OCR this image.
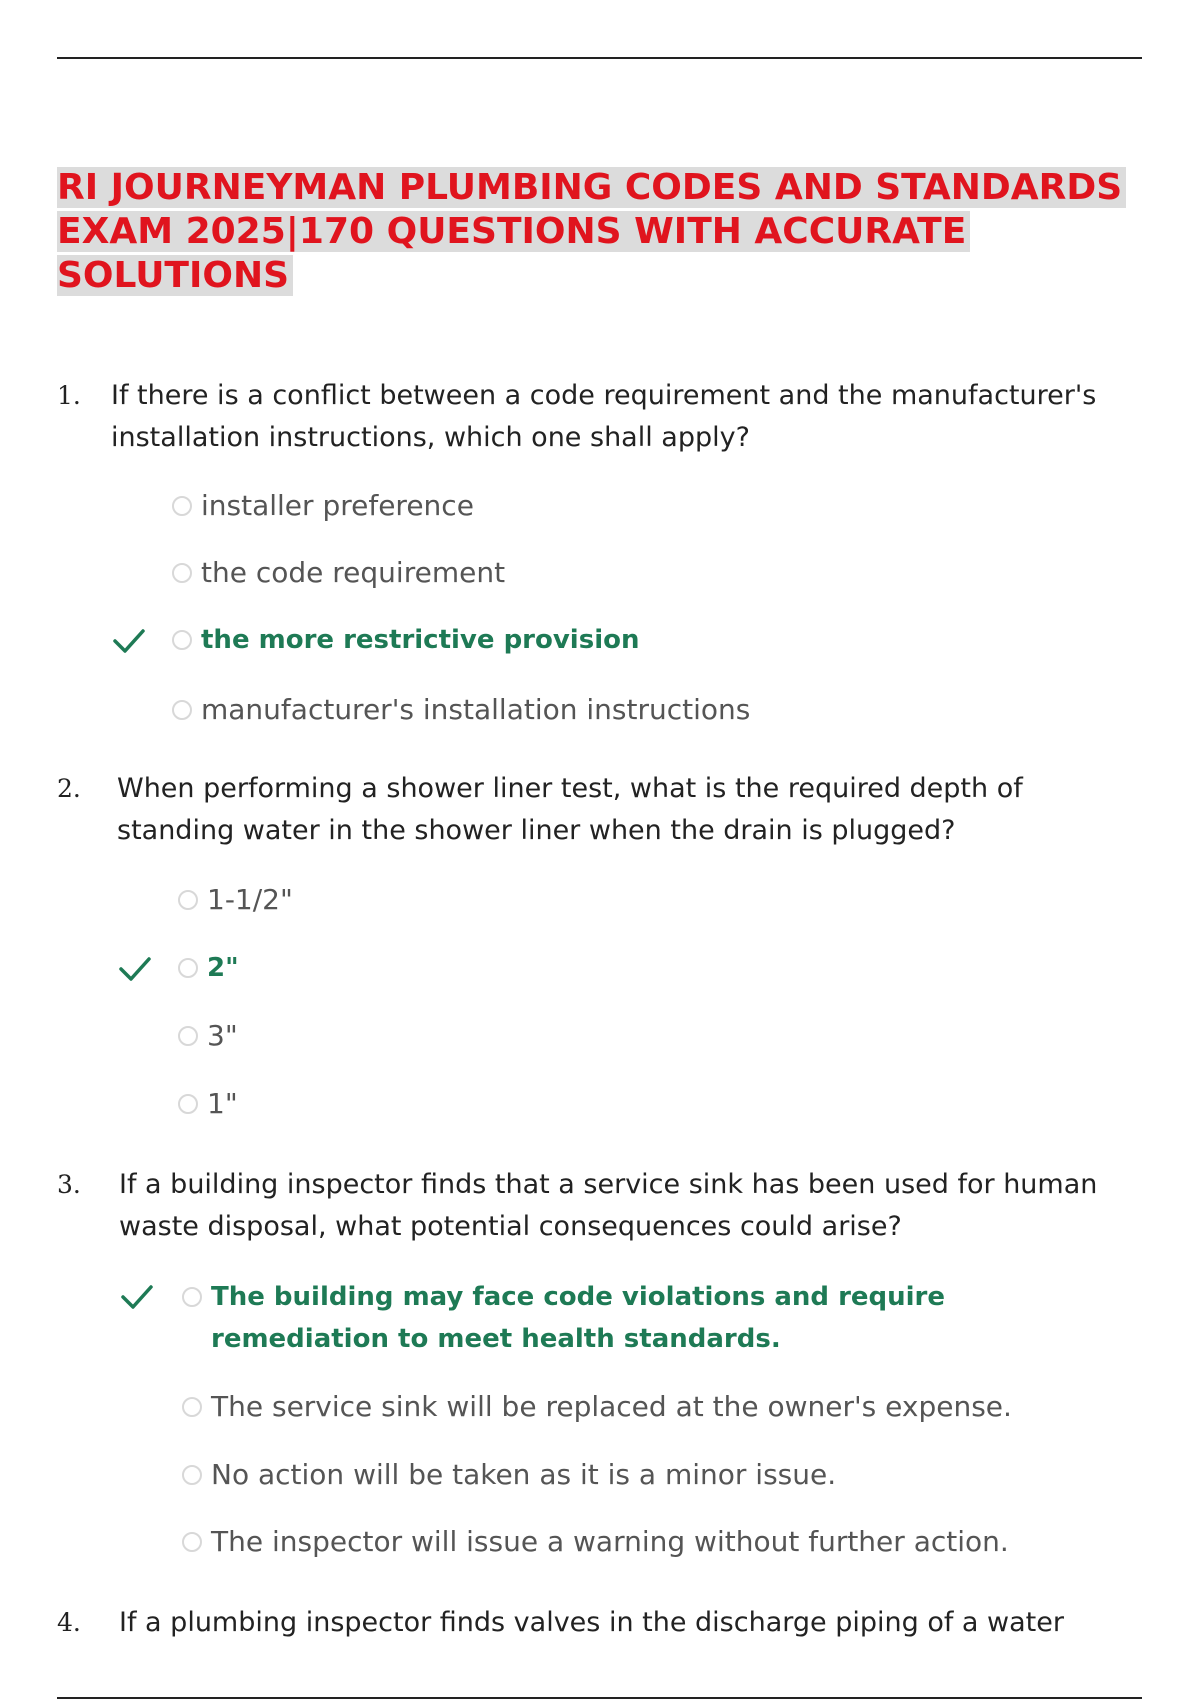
RI JOURNEYMAN PLUMBING CODES AND STANDARDS
EXAM 2025|170 QUESTIONS WITH ACCURATE
SOLUTIONS
1. If there is a conflict between a code requirement and the manufacturer's installation instructions, which one shall apply?
installer preference
the code requirement
the more restrictive provision
manufacturer's installation instructions
2. When performing a shower liner test, what is the required depth of standing water in the shower liner when the drain is plugged?
1-1/2"
2"
3"
1"
3. If a building inspector finds that a service sink has been used for human waste disposal, what potential consequences could arise?
The building may face code violations and require remediation to meet health standards.
The service sink will be replaced at the owner's expense.
No action will be taken as it is a minor issue.
The inspector will issue a warning without further action.
4. If a plumbing inspector finds valves in the discharge piping of a water
